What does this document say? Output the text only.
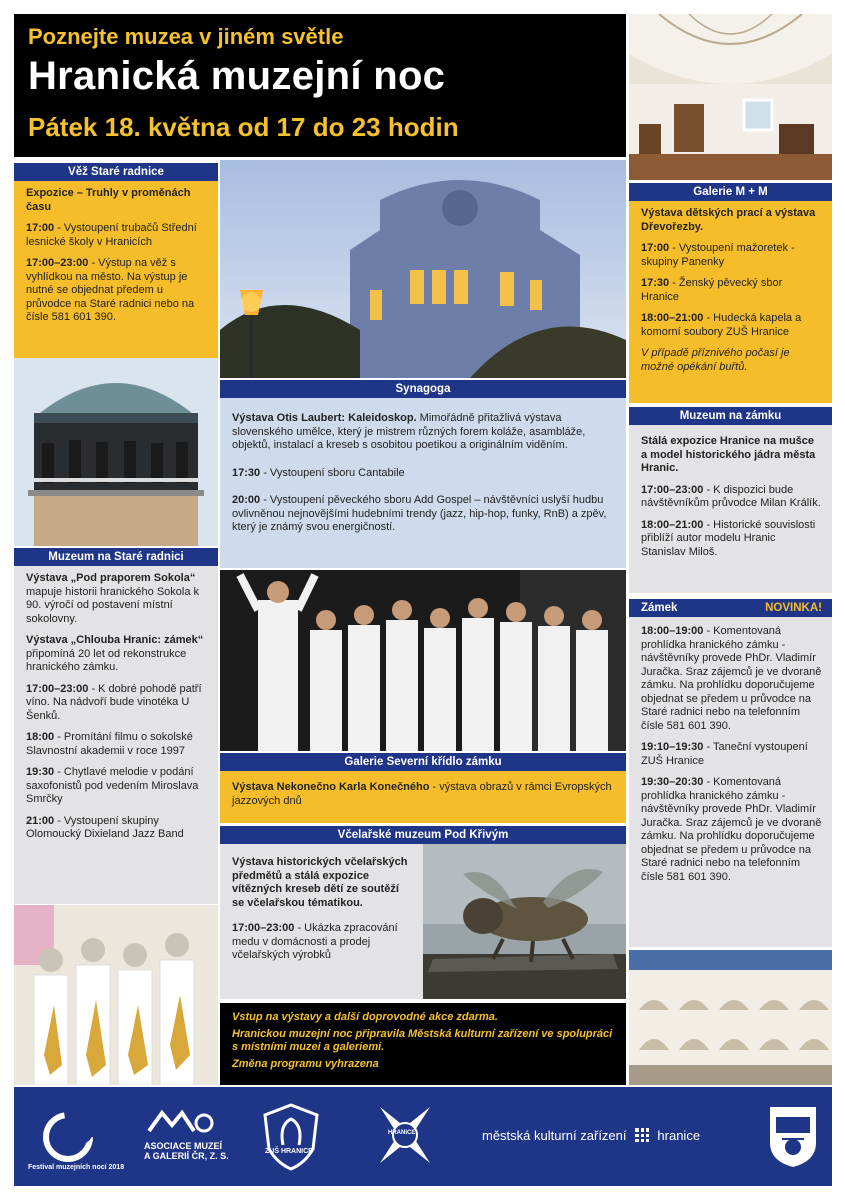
Poznejte muzea v jiném světle
Hranická muzejní noc
Pátek 18. května od 17 do 23 hodin
Věž Staré radnice

Expozice – Truhly v proměnách času

17:00 - Vystoupení trubačů Střední lesnické školy v Hranicích

17:00–23:00 - Výstup na věž s vyhlídkou na město. Na výstup je nutné se objednat předem u průvodce na Staré radnici nebo na čísle 581 601 390.

Muzeum na Staré radnici

Výstava „Pod praporem Sokola“ mapuje historii hranického Sokola k 90. výročí od postavení místní sokolovny.

Výstava „Chlouba Hranic: zámek“ připomíná 20 let od rekonstrukce hranického zámku.

17:00–23:00 - K dobré pohodě patří víno. Na nádvoří bude vinotéka U Šenků.

18:00 - Promítání filmu o sokolské Slavnostní akademii v roce 1997

19:30 - Chytlavé melodie v podání saxofonistů pod vedením Miroslava Smrčky

21:00 - Vystoupení skupiny Olomoucký Dixieland Jazz Band

Synagoga

Výstava Otis Laubert: Kaleidoskop. Mimořádně přitažlivá výstava slovenského umělce, který je mistrem různých forem koláže, asambláže, objektů, instalací a kreseb s osobitou poetikou a originálním viděním.

17:30 - Vystoupení sboru Cantabile

20:00 - Vystoupení pěveckého sboru Add Gospel – návštěvníci uslyší hudbu ovlivněnou nejnovějšími hudebními trendy (jazz, hip-hop, funky, RnB) a zpěv, který je známý svou energičností.

Galerie Severní křídlo zámku

Výstava Nekonečno Karla Konečného - výstava obrazů v rámci Evropských jazzových dnů

Včelařské muzeum Pod Křivým

Výstava historických včelařských předmětů a stálá expozice vítězných kreseb dětí ze soutěží se včelařskou tématikou.

17:00–23:00 - Ukázka zpracování medu v domácnosti a prodej včelařských výrobků

Vstup na výstavy a další doprovodné akce zdarma.
Hranickou muzejní noc připravila Městská kulturní zařízení ve spolupráci s místními muzei a galeriemi.
Změna programu vyhrazena
Galerie M + M

Výstava dětských prací a výstava Dřevořezby.

17:00 - Vystoupení mažoretek - skupiny Panenky

17:30 - Ženský pěvecký sbor Hranice

18:00–21:00 - Hudecká kapela a komorní soubory ZUŠ Hranice

V případě příznivého počasí je možné opékání buřtů.

Muzeum na zámku

Stálá expozice Hranice na mušce a model historického jádra města Hranic.

17:00–23:00 - K dispozici bude návštěvníkům průvodce Milan Králík.

18:00–21:00 - Historické souvislosti přiblíží autor modelu Hranic Stanislav Miloš.

Zámek	NOVINKA!

18:00–19:00 - Komentovaná prohlídka hranického zámku - návštěvníky provede PhDr. Vladimír Juračka. Sraz zájemců je ve dvoraně zámku. Na prohlídku doporučujeme objednat se předem u průvodce na Staré radnici nebo na telefonním čísle 581 601 390.

19:10–19:30 - Taneční vystoupení ZUŠ Hranice

19:30–20:30 - Komentovaná prohlídka hranického zámku - návštěvníky provede PhDr. Vladimír Juračka. Sraz zájemců je ve dvoraně zámku. Na prohlídku doporučujeme objednat se předem u průvodce na Staré radnici nebo na telefonním čísle 581 601 390.

Festival muzejních nocí 2018
ASOCIACE MUZEÍ
A GALERIÍ ČR, Z. S.	ZUŠ HRANICE
HRANICE	městská kulturní zařízení hranice
